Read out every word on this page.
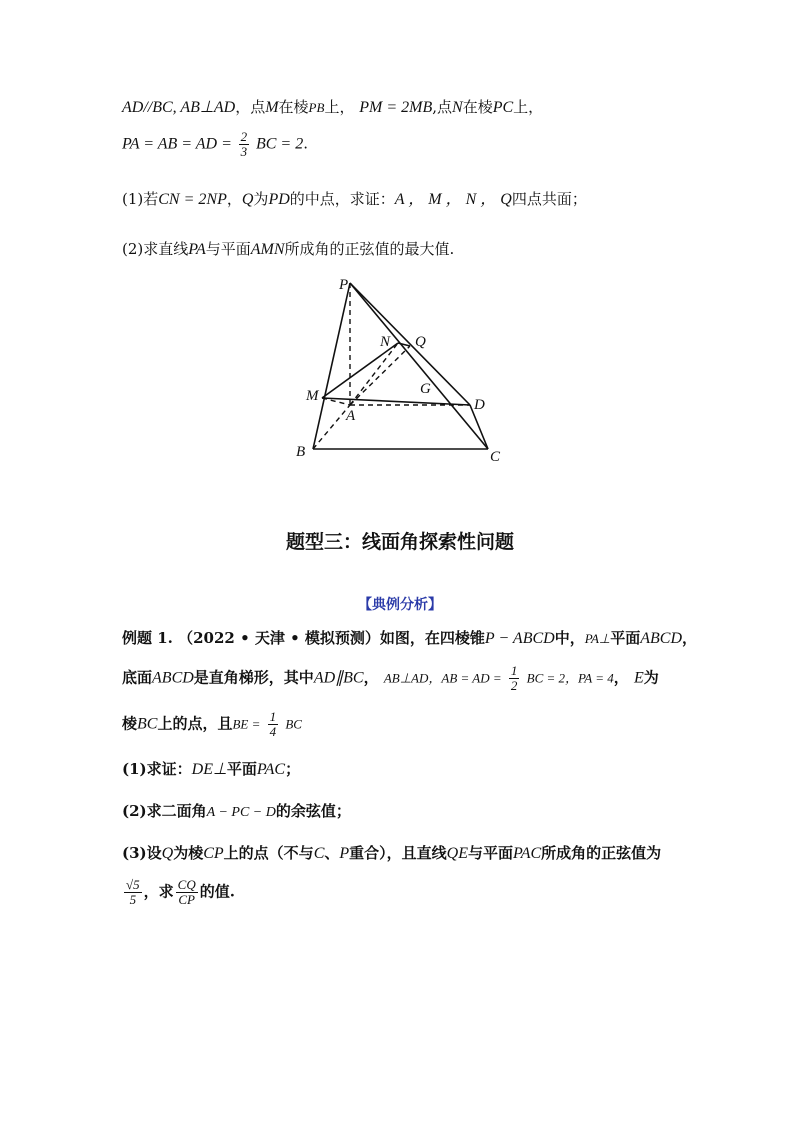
AD//BC, AB⊥AD，点M在棱PB上， PM = 2MB,点N在棱PC上，
PA = AB = AD = $\frac{2}{3}$ BC = 2.
(1)若CN = 2NP，Q为PD的中点，求证：A ， M ， N ， Q四点共面；
(2)求直线PA与平面AMN所成角的正弦值的最大值.
P
N Q
M	G
A
D
B	C
题型三：线面角探索性问题
【典例分析】
例题 1. （2022 • 天津 • 模拟预测）如图，在四棱锥P − ABCD中，PA⊥平面ABCD，
底面ABCD是直角梯形，其中AD∥BC， AB⊥AD，AB = AD = $\frac{1}{2}$ BC = 2，PA = 4， E为
棱BC上的点，且BE = $\frac{1}{4}$ BC
(1)求证：DE⊥平面PAC；
(2)求二面角A − PC − D的余弦值；
(3)设Q为棱CP上的点（不与C、P重合），且直线QE与平面PAC所成角的正弦值为
$\frac{√5}{5}$ ，求 $\frac{CQ}{CP}$ 的值.
